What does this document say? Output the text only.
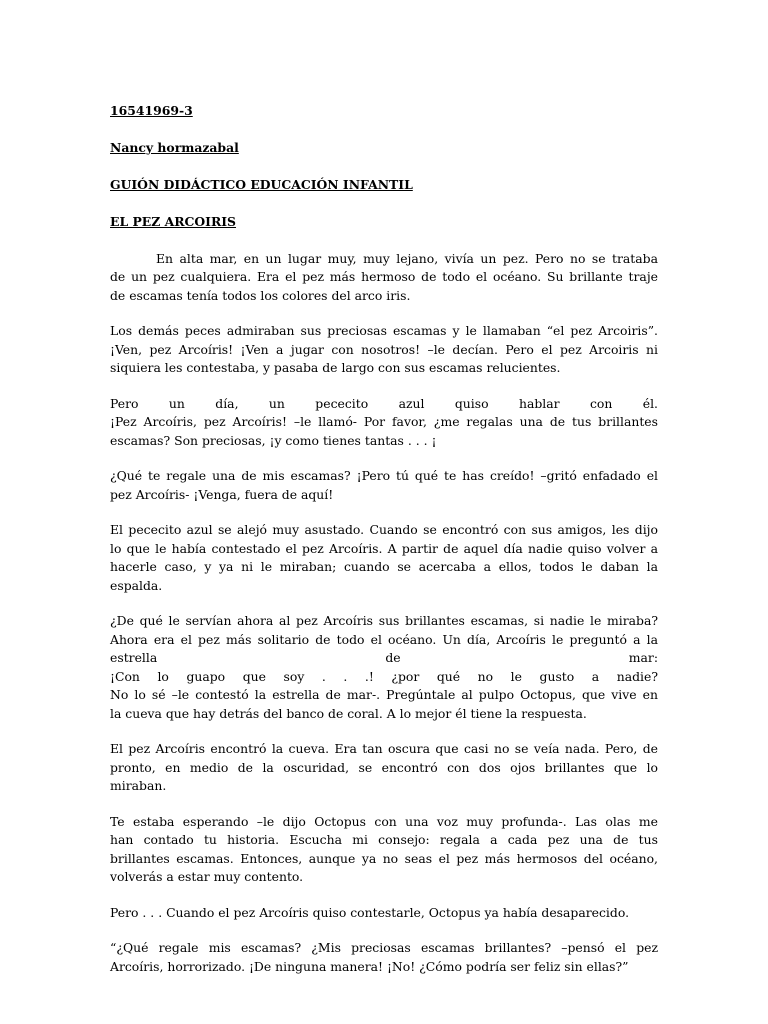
16541969-3

Nancy hormazabal

GUIÓN DIDÁCTICO EDUCACIÓN INFANTIL

EL PEZ ARCOIRIS

En alta mar, en un lugar muy, muy lejano, vivía un pez. Pero no se trataba
de un pez cualquiera. Era el pez más hermoso de todo el océano. Su brillante traje
de escamas tenía todos los colores del arco iris.
Los demás peces admiraban sus preciosas escamas y le llamaban “el pez Arcoiris”.
¡Ven, pez Arcoíris! ¡Ven a jugar con nosotros! –le decían. Pero el pez Arcoiris ni
siquiera les contestaba, y pasaba de largo con sus escamas relucientes.
Pero un día, un pececito azul quiso hablar con él.
¡Pez Arcoíris, pez Arcoíris! –le llamó- Por favor, ¿me regalas una de tus brillantes
escamas? Son preciosas, ¡y como tienes tantas . . . ¡
¿Qué te regale una de mis escamas? ¡Pero tú qué te has creído! –gritó enfadado el
pez Arcoíris- ¡Venga, fuera de aquí!
El pececito azul se alejó muy asustado. Cuando se encontró con sus amigos, les dijo
lo que le había contestado el pez Arcoíris. A partir de aquel día nadie quiso volver a
hacerle caso, y ya ni le miraban; cuando se acercaba a ellos, todos le daban la
espalda.
¿De qué le servían ahora al pez Arcoíris sus brillantes escamas, si nadie le miraba?
Ahora era el pez más solitario de todo el océano. Un día, Arcoíris le preguntó a la
estrella de mar:
¡Con lo guapo que soy . . .! ¿por qué no le gusto a nadie?
No lo sé –le contestó la estrella de mar-. Pregúntale al pulpo Octopus, que vive en
la cueva que hay detrás del banco de coral. A lo mejor él tiene la respuesta.
El pez Arcoíris encontró la cueva. Era tan oscura que casi no se veía nada. Pero, de
pronto, en medio de la oscuridad, se encontró con dos ojos brillantes que lo
miraban.
Te estaba esperando –le dijo Octopus con una voz muy profunda-. Las olas me
han contado tu historia. Escucha mi consejo: regala a cada pez una de tus
brillantes escamas. Entonces, aunque ya no seas el pez más hermosos del océano,
volverás a estar muy contento.
Pero . . . Cuando el pez Arcoíris quiso contestarle, Octopus ya había desaparecido.
“¿Qué regale mis escamas? ¿Mis preciosas escamas brillantes? –pensó el pez
Arcoíris, horrorizado. ¡De ninguna manera! ¡No! ¿Cómo podría ser feliz sin ellas?”
